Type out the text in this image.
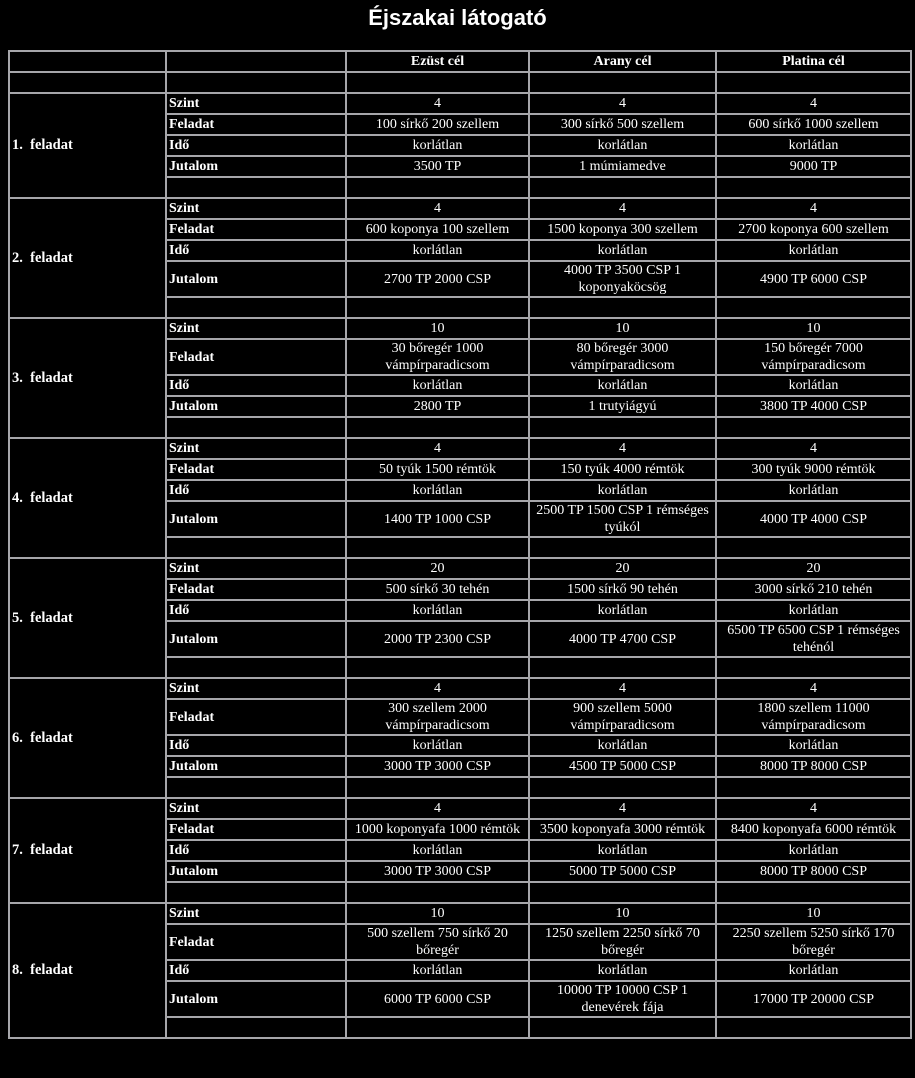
Éjszakai látogató
		Ezüst cél	Arany cél	Platina cél

1.  feladat	Szint	4	4	4
	Feladat	100 sírkő 200 szellem	300 sírkő 500 szellem	600 sírkő 1000 szellem
	Idő	korlátlan	korlátlan	korlátlan
	Jutalom	3500 TP	1 múmiamedve	9000 TP

2.  feladat	Szint	4	4	4
	Feladat	600 koponya 100 szellem	1500 koponya 300 szellem	2700 koponya 600 szellem
	Idő	korlátlan	korlátlan	korlátlan
	Jutalom	2700 TP 2000 CSP	4000 TP 3500 CSP 1 koponyaköcsög	4900 TP 6000 CSP

3.  feladat	Szint	10	10	10
	Feladat	30 bőregér 1000 vámpírparadicsom	80 bőregér 3000 vámpírparadicsom	150 bőregér 7000 vámpírparadicsom
	Idő	korlátlan	korlátlan	korlátlan
	Jutalom	2800 TP	1 trutyiágyú	3800 TP 4000 CSP

4.  feladat	Szint	4	4	4
	Feladat	50 tyúk 1500 rémtök	150 tyúk 4000 rémtök	300 tyúk 9000 rémtök
	Idő	korlátlan	korlátlan	korlátlan
	Jutalom	1400 TP 1000 CSP	2500 TP 1500 CSP 1 rémséges tyúkól	4000 TP 4000 CSP

5.  feladat	Szint	20	20	20
	Feladat	500 sírkő 30 tehén	1500 sírkő 90 tehén	3000 sírkő 210 tehén
	Idő	korlátlan	korlátlan	korlátlan
	Jutalom	2000 TP 2300 CSP	4000 TP 4700 CSP	6500 TP 6500 CSP 1 rémséges tehénól

6.  feladat	Szint	4	4	4
	Feladat	300 szellem 2000 vámpírparadicsom	900 szellem 5000 vámpírparadicsom	1800 szellem 11000 vámpírparadicsom
	Idő	korlátlan	korlátlan	korlátlan
	Jutalom	3000 TP 3000 CSP	4500 TP 5000 CSP	8000 TP 8000 CSP

7.  feladat	Szint	4	4	4
	Feladat	1000 koponyafa 1000 rémtök	3500 koponyafa 3000 rémtök	8400 koponyafa 6000 rémtök
	Idő	korlátlan	korlátlan	korlátlan
	Jutalom	3000 TP 3000 CSP	5000 TP 5000 CSP	8000 TP 8000 CSP

8.  feladat	Szint	10	10	10
	Feladat	500 szellem 750 sírkő 20 bőregér	1250 szellem 2250 sírkő 70 bőregér	2250 szellem 5250 sírkő 170 bőregér
	Idő	korlátlan	korlátlan	korlátlan
	Jutalom	6000 TP 6000 CSP	10000 TP 10000 CSP 1 denevérek fája	17000 TP 20000 CSP
